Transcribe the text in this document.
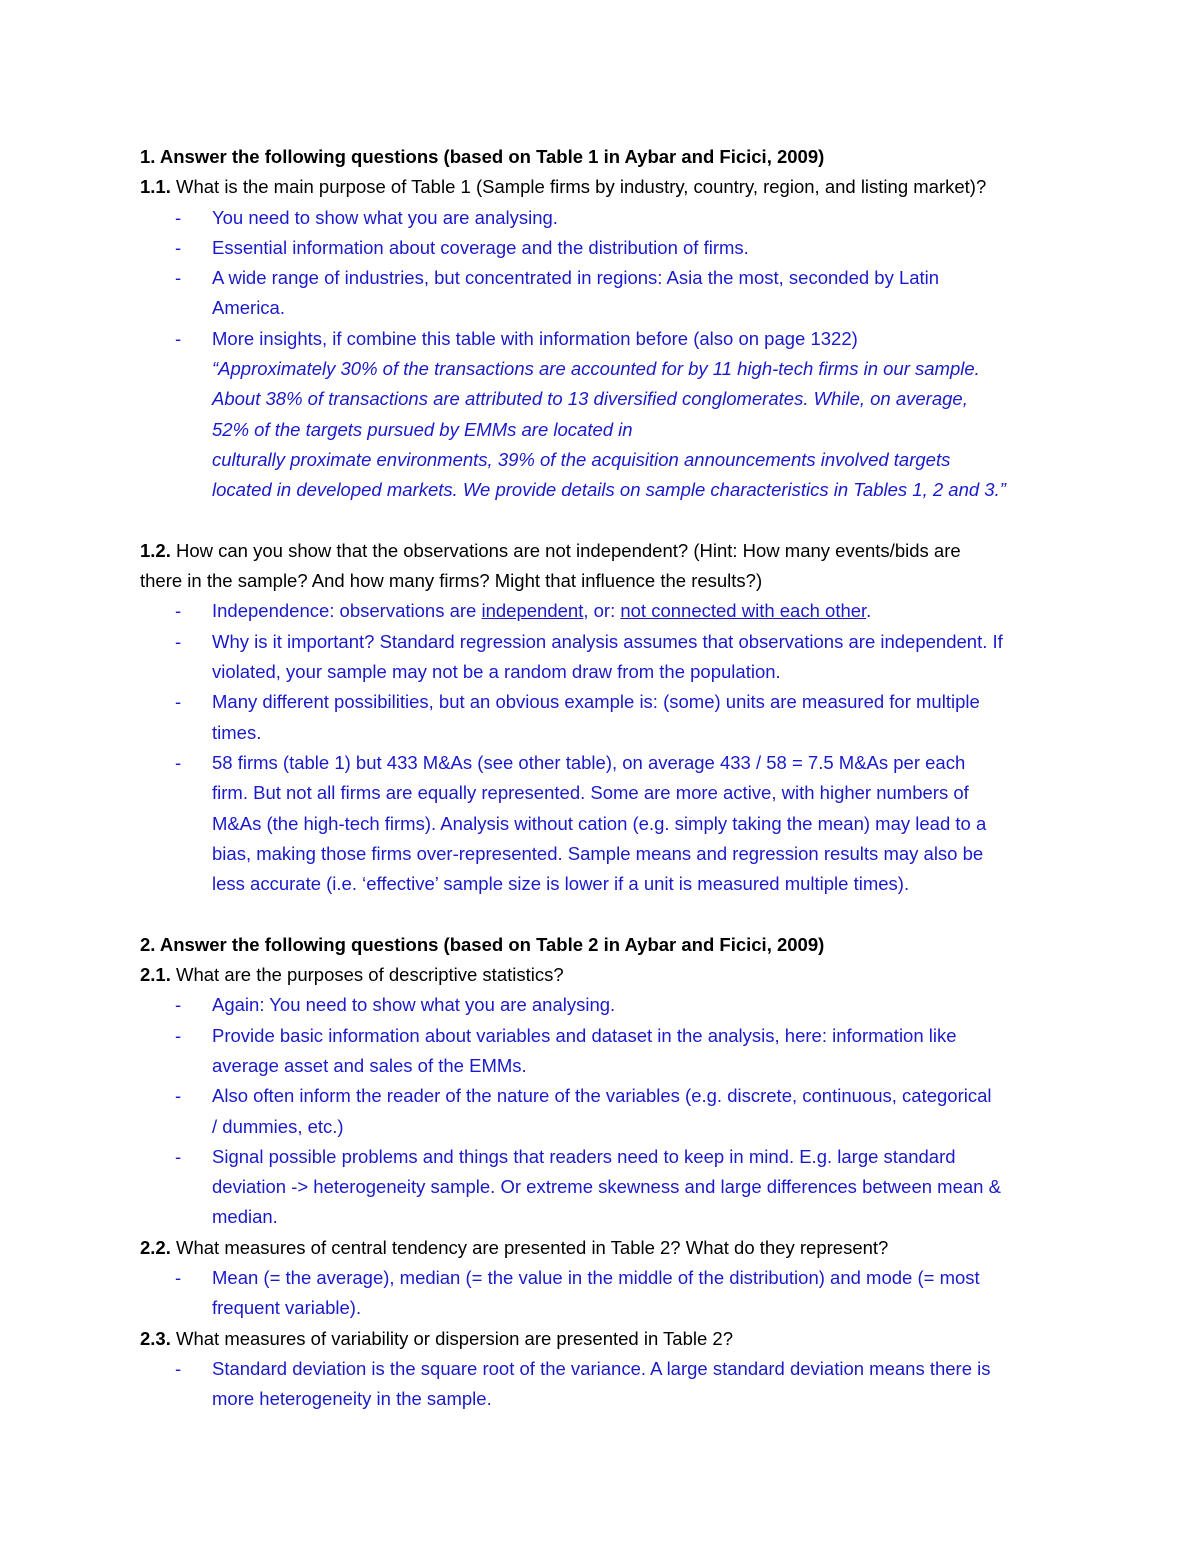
1. Answer the following questions (based on Table 1 in Aybar and Ficici, 2009)
1.1. What is the main purpose of Table 1 (Sample firms by industry, country, region, and listing market)?
- You need to show what you are analysing.
- Essential information about coverage and the distribution of firms.
- A wide range of industries, but concentrated in regions: Asia the most, seconded by Latin
America.
- More insights, if combine this table with information before (also on page 1322)
“Approximately 30% of the transactions are accounted for by 11 high-tech firms in our sample.
About 38% of transactions are attributed to 13 diversified conglomerates. While, on average,
52% of the targets pursued by EMMs are located in
culturally proximate environments, 39% of the acquisition announcements involved targets
located in developed markets. We provide details on sample characteristics in Tables 1, 2 and 3.”
1.2. How can you show that the observations are not independent? (Hint: How many events/bids are
there in the sample? And how many firms? Might that influence the results?)
- Independence: observations are independent, or: not connected with each other.
- Why is it important? Standard regression analysis assumes that observations are independent. If
violated, your sample may not be a random draw from the population.
- Many different possibilities, but an obvious example is: (some) units are measured for multiple
times.
- 58 firms (table 1) but 433 M&As (see other table), on average 433 / 58 = 7.5 M&As per each
firm. But not all firms are equally represented. Some are more active, with higher numbers of
M&As (the high-tech firms). Analysis without cation (e.g. simply taking the mean) may lead to a
bias, making those firms over-represented. Sample means and regression results may also be
less accurate (i.e. ‘effective’ sample size is lower if a unit is measured multiple times).
2. Answer the following questions (based on Table 2 in Aybar and Ficici, 2009)
2.1. What are the purposes of descriptive statistics?
- Again: You need to show what you are analysing.
- Provide basic information about variables and dataset in the analysis, here: information like
average asset and sales of the EMMs.
- Also often inform the reader of the nature of the variables (e.g. discrete, continuous, categorical
/ dummies, etc.)
- Signal possible problems and things that readers need to keep in mind. E.g. large standard
deviation -> heterogeneity sample. Or extreme skewness and large differences between mean &
median.
2.2. What measures of central tendency are presented in Table 2? What do they represent?
- Mean (= the average), median (= the value in the middle of the distribution) and mode (= most
frequent variable).
2.3. What measures of variability or dispersion are presented in Table 2?
- Standard deviation is the square root of the variance. A large standard deviation means there is
more heterogeneity in the sample.
